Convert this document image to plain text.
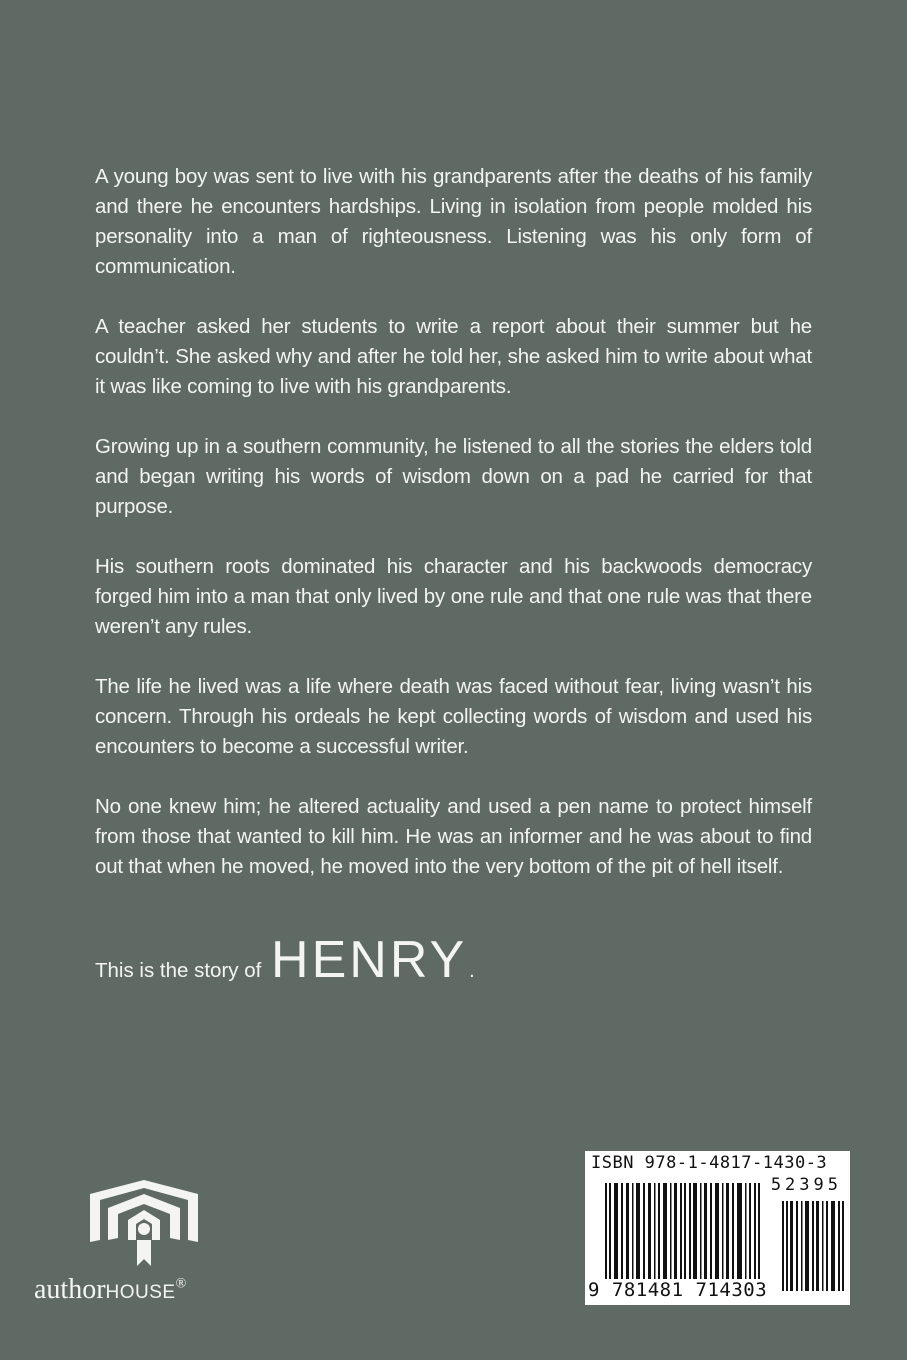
A young boy was sent to live with his grandparents after the deaths of his family and there he encounters hardships. Living in isolation from people molded his personality into a man of righteousness. Listening was his only form of communication.

A teacher asked her students to write a report about their summer but he couldn’t. She asked why and after he told her, she asked him to write about what it was like coming to live with his grandparents.

Growing up in a southern community, he listened to all the stories the elders told and began writing his words of wisdom down on a pad he carried for that purpose.

His southern roots dominated his character and his backwoods democracy forged him into a man that only lived by one rule and that one rule was that there weren’t any rules.

The life he lived was a life where death was faced without fear, living wasn’t his concern. Through his ordeals he kept collecting words of wisdom and used his encounters to become a successful writer.

No one knew him; he altered actuality and used a pen name to protect himself from those that wanted to kill him. He was an informer and he was about to find out that when he moved, he moved into the very bottom of the pit of hell itself.

This is the story of HENRY .
authorHOUSE®
ISBN 978-1-4817-1430-3
52395
9 781481 714303
